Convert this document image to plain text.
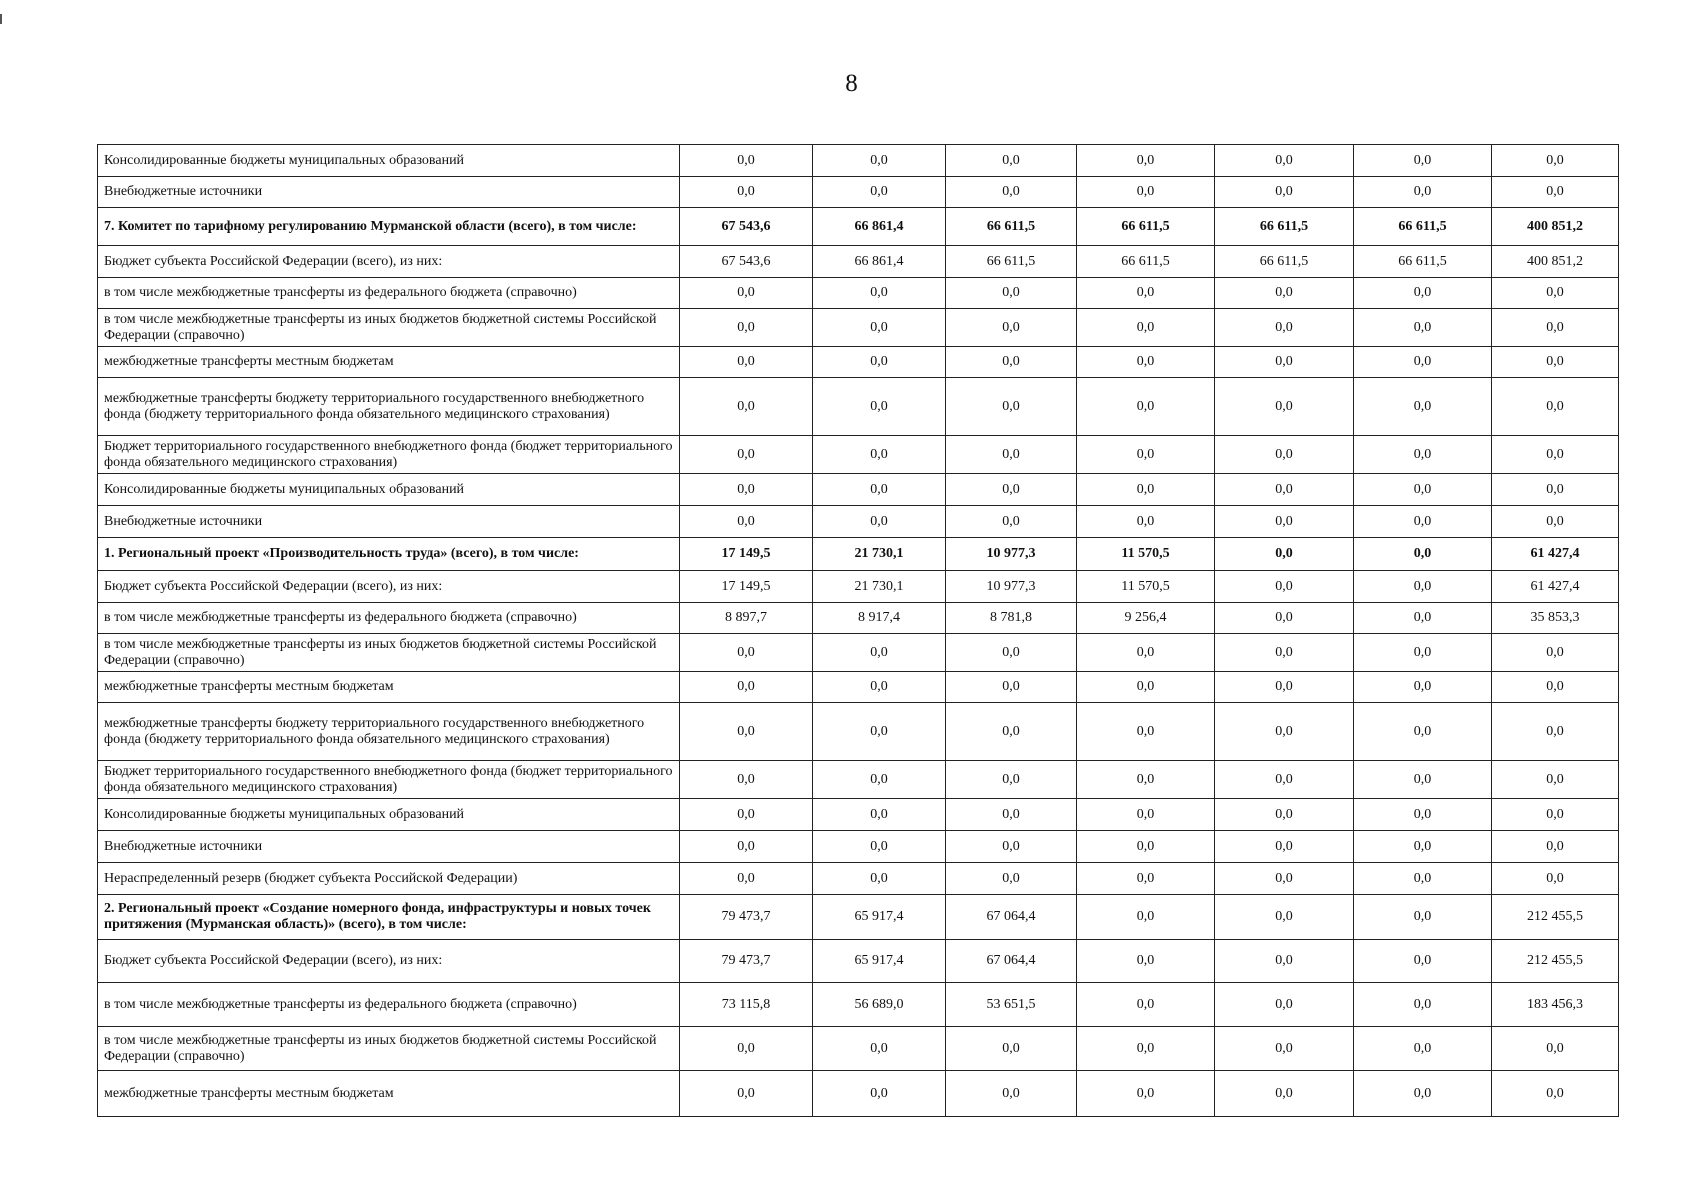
8
Консолидированные бюджеты муниципальных образований	0,0	0,0	0,0	0,0	0,0	0,0	0,0
Внебюджетные источники	0,0	0,0	0,0	0,0	0,0	0,0	0,0
7. Комитет по тарифному регулированию Мурманской области (всего), в том числе:	67 543,6	66 861,4	66 611,5	66 611,5	66 611,5	66 611,5	400 851,2
Бюджет субъекта Российской Федерации (всего), из них:	67 543,6	66 861,4	66 611,5	66 611,5	66 611,5	66 611,5	400 851,2
в том числе межбюджетные трансферты из федерального бюджета (справочно)	0,0	0,0	0,0	0,0	0,0	0,0	0,0
в том числе межбюджетные трансферты из иных бюджетов бюджетной системы Российской Федерации (справочно)	0,0	0,0	0,0	0,0	0,0	0,0	0,0
межбюджетные трансферты местным бюджетам	0,0	0,0	0,0	0,0	0,0	0,0	0,0
межбюджетные трансферты бюджету территориального государственного внебюджетного фонда (бюджету территориального фонда обязательного медицинского страхования)	0,0	0,0	0,0	0,0	0,0	0,0	0,0
Бюджет территориального государственного внебюджетного фонда (бюджет территориального фонда обязательного медицинского страхования)	0,0	0,0	0,0	0,0	0,0	0,0	0,0
Консолидированные бюджеты муниципальных образований	0,0	0,0	0,0	0,0	0,0	0,0	0,0
Внебюджетные источники	0,0	0,0	0,0	0,0	0,0	0,0	0,0
1. Региональный проект «Производительность труда» (всего), в том числе:	17 149,5	21 730,1	10 977,3	11 570,5	0,0	0,0	61 427,4
Бюджет субъекта Российской Федерации (всего), из них:	17 149,5	21 730,1	10 977,3	11 570,5	0,0	0,0	61 427,4
в том числе межбюджетные трансферты из федерального бюджета (справочно)	8 897,7	8 917,4	8 781,8	9 256,4	0,0	0,0	35 853,3
в том числе межбюджетные трансферты из иных бюджетов бюджетной системы Российской Федерации (справочно)	0,0	0,0	0,0	0,0	0,0	0,0	0,0
межбюджетные трансферты местным бюджетам	0,0	0,0	0,0	0,0	0,0	0,0	0,0
межбюджетные трансферты бюджету территориального государственного внебюджетного фонда (бюджету территориального фонда обязательного медицинского страхования)	0,0	0,0	0,0	0,0	0,0	0,0	0,0
Бюджет территориального государственного внебюджетного фонда (бюджет территориального фонда обязательного медицинского страхования)	0,0	0,0	0,0	0,0	0,0	0,0	0,0
Консолидированные бюджеты муниципальных образований	0,0	0,0	0,0	0,0	0,0	0,0	0,0
Внебюджетные источники	0,0	0,0	0,0	0,0	0,0	0,0	0,0
Нераспределенный резерв (бюджет субъекта Российской Федерации)	0,0	0,0	0,0	0,0	0,0	0,0	0,0
2. Региональный проект «Создание номерного фонда, инфраструктуры и новых точек притяжения (Мурманская область)» (всего), в том числе:	79 473,7	65 917,4	67 064,4	0,0	0,0	0,0	212 455,5
Бюджет субъекта Российской Федерации (всего), из них:	79 473,7	65 917,4	67 064,4	0,0	0,0	0,0	212 455,5
в том числе межбюджетные трансферты из федерального бюджета (справочно)	73 115,8	56 689,0	53 651,5	0,0	0,0	0,0	183 456,3
в том числе межбюджетные трансферты из иных бюджетов бюджетной системы Российской Федерации (справочно)	0,0	0,0	0,0	0,0	0,0	0,0	0,0
межбюджетные трансферты местным бюджетам	0,0	0,0	0,0	0,0	0,0	0,0	0,0
